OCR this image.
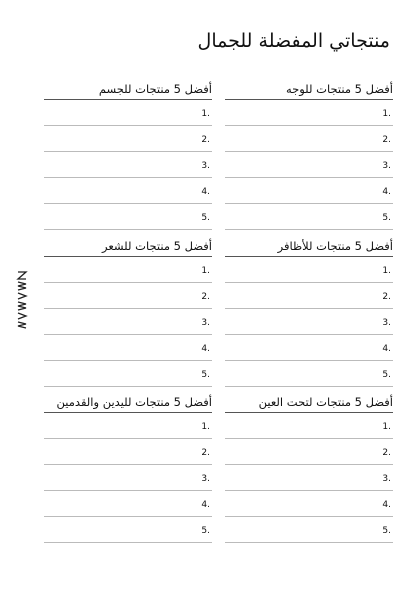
منتجاتي المفضلة للجمال
أفضل 5 منتجات للوجه
1.
2.
3.
4.
5.
أفضل 5 منتجات للجسم
1.
2.
3.
4.
5.
أفضل 5 منتجات للأظافر
1.
2.
3.
4.
5.
أفضل 5 منتجات للشعر
1.
2.
3.
4.
5.
أفضل 5 منتجات لتحت العين
1.
2.
3.
4.
5.
أفضل 5 منتجات لليدين والقدمين
1.
2.
3.
4.
5.
